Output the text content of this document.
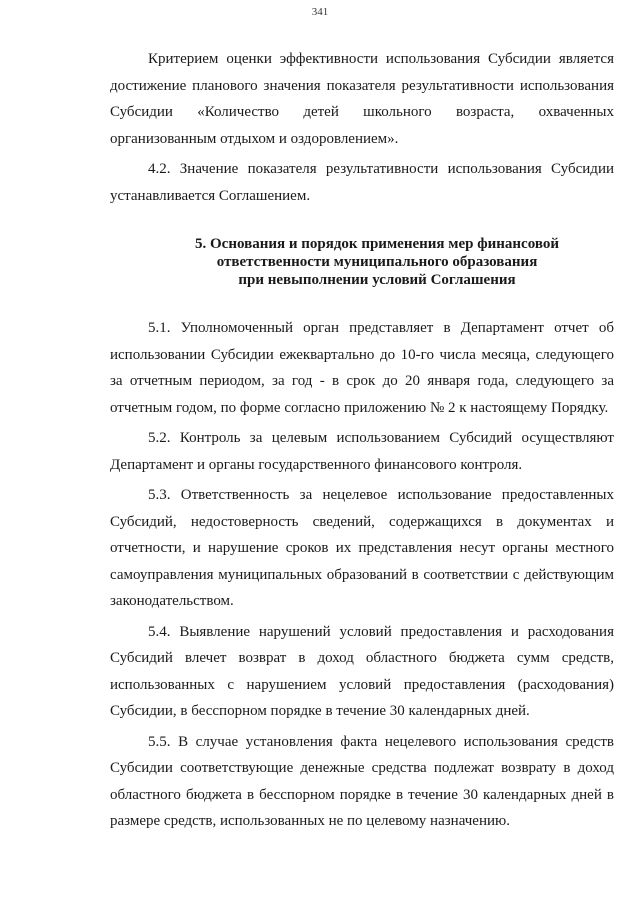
341

Критерием оценки эффективности использования Субсидии является достижение планового значения показателя результативности использования Субсидии «Количество детей школьного возраста, охваченных организованным отдыхом и оздоровлением».

4.2. Значение показателя результативности использования Субсидии устанавливается Соглашением.

5. Основания и порядок применения мер финансовой
ответственности муниципального образования
при невыполнении условий Соглашения

5.1. Уполномоченный орган представляет в Департамент отчет об использовании Субсидии ежеквартально до 10-го числа месяца, следующего за отчетным периодом, за год - в срок до 20 января года, следующего за отчетным годом, по форме согласно приложению № 2 к настоящему Порядку.

5.2. Контроль за целевым использованием Субсидий осуществляют Департамент и органы государственного финансового контроля.

5.3. Ответственность за нецелевое использование предоставленных Субсидий, недостоверность сведений, содержащихся в документах и отчетности, и нарушение сроков их представления несут органы местного самоуправления муниципальных образований в соответствии с действующим законодательством.

5.4. Выявление нарушений условий предоставления и расходования Субсидий влечет возврат в доход областного бюджета сумм средств, использованных с нарушением условий предоставления (расходования) Субсидии, в бесспорном порядке в течение 30 календарных дней.

5.5. В случае установления факта нецелевого использования средств Субсидии соответствующие денежные средства подлежат возврату в доход областного бюджета в бесспорном порядке в течение 30 календарных дней в размере средств, использованных не по целевому назначению.
